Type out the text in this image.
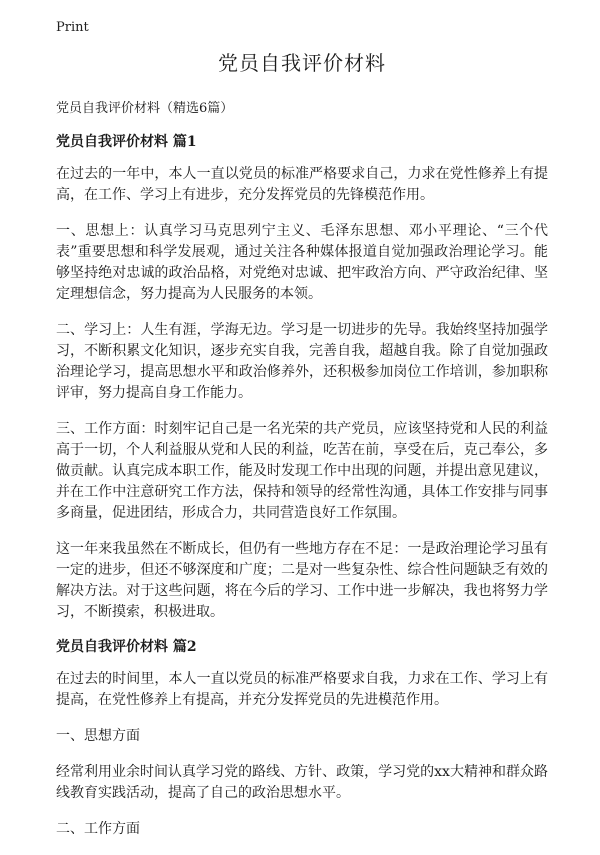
Print
党员自我评价材料

党员自我评价材料（精选6篇）

党员自我评价材料 篇1

在过去的一年中，本人一直以党员的标准严格要求自己，力求在党性修养上有提高，在工作、学习上有进步，充分发挥党员的先锋模范作用。

一、思想上：认真学习马克思列宁主义、毛泽东思想、邓小平理论、“三个代表”重要思想和科学发展观，通过关注各种媒体报道自觉加强政治理论学习。能够坚持绝对忠诚的政治品格，对党绝对忠诚、把牢政治方向、严守政治纪律、坚定理想信念，努力提高为人民服务的本领。

二、学习上：人生有涯，学海无边。学习是一切进步的先导。我始终坚持加强学习，不断积累文化知识，逐步充实自我，完善自我，超越自我。除了自觉加强政治理论学习，提高思想水平和政治修养外，还积极参加岗位工作培训，参加职称评审，努力提高自身工作能力。

三、工作方面：时刻牢记自己是一名光荣的共产党员，应该坚持党和人民的利益高于一切，个人利益服从党和人民的利益，吃苦在前，享受在后，克己奉公，多做贡献。认真完成本职工作，能及时发现工作中出现的问题，并提出意见建议，并在工作中注意研究工作方法，保持和领导的经常性沟通，具体工作安排与同事多商量，促进团结，形成合力，共同营造良好工作氛围。

这一年来我虽然在不断成长，但仍有一些地方存在不足：一是政治理论学习虽有一定的进步，但还不够深度和广度；二是对一些复杂性、综合性问题缺乏有效的解决方法。对于这些问题，将在今后的学习、工作中进一步解决，我也将努力学习，不断摸索，积极进取。

党员自我评价材料 篇2

在过去的时间里，本人一直以党员的标准严格要求自我，力求在工作、学习上有提高，在党性修养上有提高，并充分发挥党员的先进模范作用。

一、思想方面

经常利用业余时间认真学习党的路线、方针、政策，学习党的xx大精神和群众路线教育实践活动，提高了自己的政治思想水平。

二、工作方面
